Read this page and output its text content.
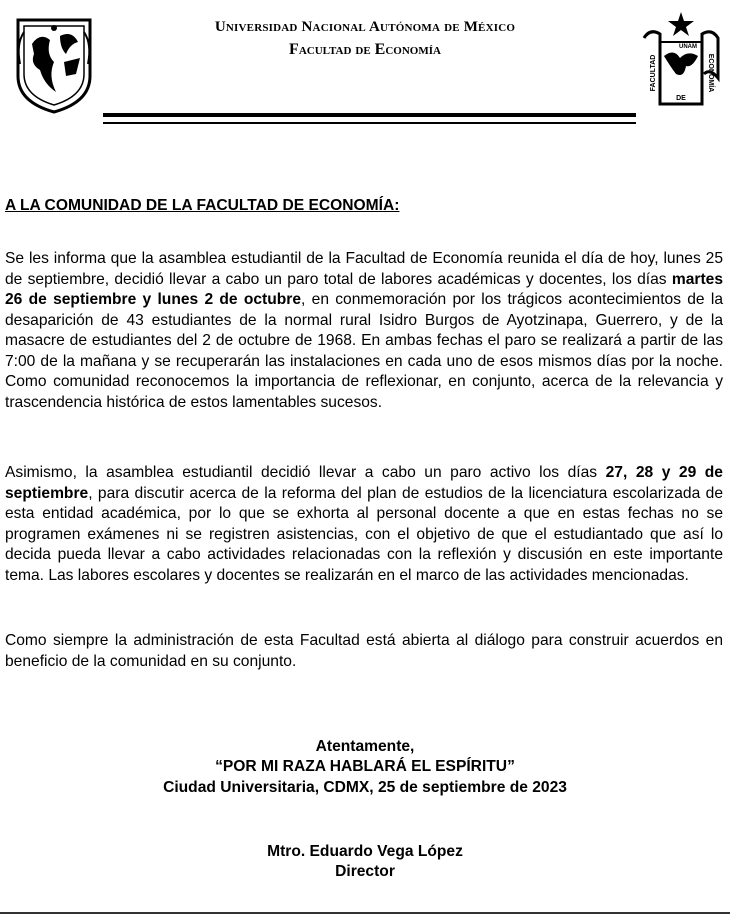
Universidad Nacional Autónoma de México
Facultad de Economía	UNAM
DE
FACULTAD	ECONOMÍA
A LA COMUNIDAD DE LA FACULTAD DE ECONOMÍA:
Se les informa que la asamblea estudiantil de la Facultad de Economía reunida el día de hoy, lunes 25 de septiembre, decidió llevar a cabo un paro total de labores académicas y docentes, los días martes 26 de septiembre y lunes 2 de octubre, en conmemoración por los trágicos acontecimientos de la desaparición de 43 estudiantes de la normal rural Isidro Burgos de Ayotzinapa, Guerrero, y de la masacre de estudiantes del 2 de octubre de 1968. En ambas fechas el paro se realizará a partir de las 7:00 de la mañana y se recuperarán las instalaciones en cada uno de esos mismos días por la noche. Como comunidad reconocemos la importancia de reflexionar, en conjunto, acerca de la relevancia y trascendencia histórica de estos lamentables sucesos.
Asimismo, la asamblea estudiantil decidió llevar a cabo un paro activo los días 27, 28 y 29 de septiembre, para discutir acerca de la reforma del plan de estudios de la licenciatura escolarizada de esta entidad académica, por lo que se exhorta al personal docente a que en estas fechas no se programen exámenes ni se registren asistencias, con el objetivo de que el estudiantado que así lo decida pueda llevar a cabo actividades relacionadas con la reflexión y discusión en este importante tema. Las labores escolares y docentes se realizarán en el marco de las actividades mencionadas.
Como siempre la administración de esta Facultad está abierta al diálogo para construir acuerdos en beneficio de la comunidad en su conjunto.
Atentamente,
“POR MI RAZA HABLARÁ EL ESPÍRITU”
Ciudad Universitaria, CDMX, 25 de septiembre de 2023
Mtro. Eduardo Vega López
Director
